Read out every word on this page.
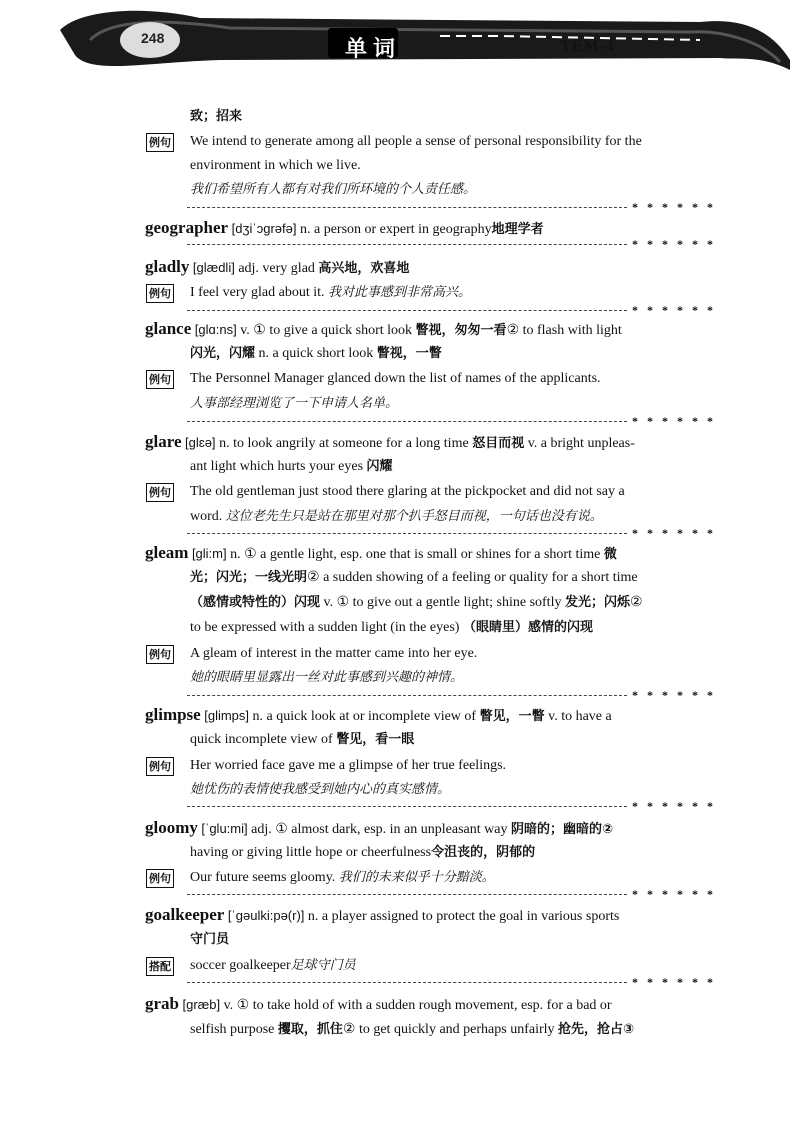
248	单词	TEM-4
致；招来
例句 We intend to generate among all people a sense of personal responsibility for the
environment in which we live.
我们希望所有人都有对我们所环境的个人责任感。
* * * * * *
geographer [dʒiˈɔgrəfə] n. a person or expert in geography地理学者
* * * * * *
gladly [glædli] adj. very glad 高兴地，欢喜地
例句 I feel very glad about it. 我对此事感到非常高兴。
* * * * * *
glance [glɑ:ns] v. ① to give a quick short look 瞥视，匆匆一看② to flash with light
闪光，闪耀 n. a quick short look 瞥视，一瞥
例句 The Personnel Manager glanced down the list of names of the applicants.
人事部经理浏览了一下申请人名单。
* * * * * *
glare [glɛə] n. to look angrily at someone for a long time 怒目而视 v. a bright unpleas-
ant light which hurts your eyes 闪耀
例句 The old gentleman just stood there glaring at the pickpocket and did not say a
word. 这位老先生只是站在那里对那个扒手怒目而视，一句话也没有说。
* * * * * *
gleam [gli:m] n. ① a gentle light, esp. one that is small or shines for a short time 微
光；闪光；一线光明② a sudden showing of a feeling or quality for a short time
（感情或特性的）闪现 v. ① to give out a gentle light; shine softly 发光；闪烁②
to be expressed with a sudden light (in the eyes) （眼睛里）感情的闪现
例句 A gleam of interest in the matter came into her eye.
她的眼睛里显露出一丝对此事感到兴趣的神情。
* * * * * *
glimpse [glimps] n. a quick look at or incomplete view of 瞥见，一瞥 v. to have a
quick incomplete view of 瞥见，看一眼
例句 Her worried face gave me a glimpse of her true feelings.
她忧伤的表情使我感受到她内心的真实感情。
* * * * * *
gloomy [ˈglu:mi] adj. ① almost dark, esp. in an unpleasant way 阴暗的；幽暗的②
having or giving little hope or cheerfulness令沮丧的，阴郁的
例句 Our future seems gloomy. 我们的未来似乎十分黯淡。
* * * * * *
goalkeeper [ˈgəulki:pə(r)] n. a player assigned to protect the goal in various sports
守门员
搭配 soccer goalkeeper足球守门员
* * * * * *
grab [græb] v. ① to take hold of with a sudden rough movement, esp. for a bad or
selfish purpose 攫取，抓住② to get quickly and perhaps unfairly 抢先，抢占③
